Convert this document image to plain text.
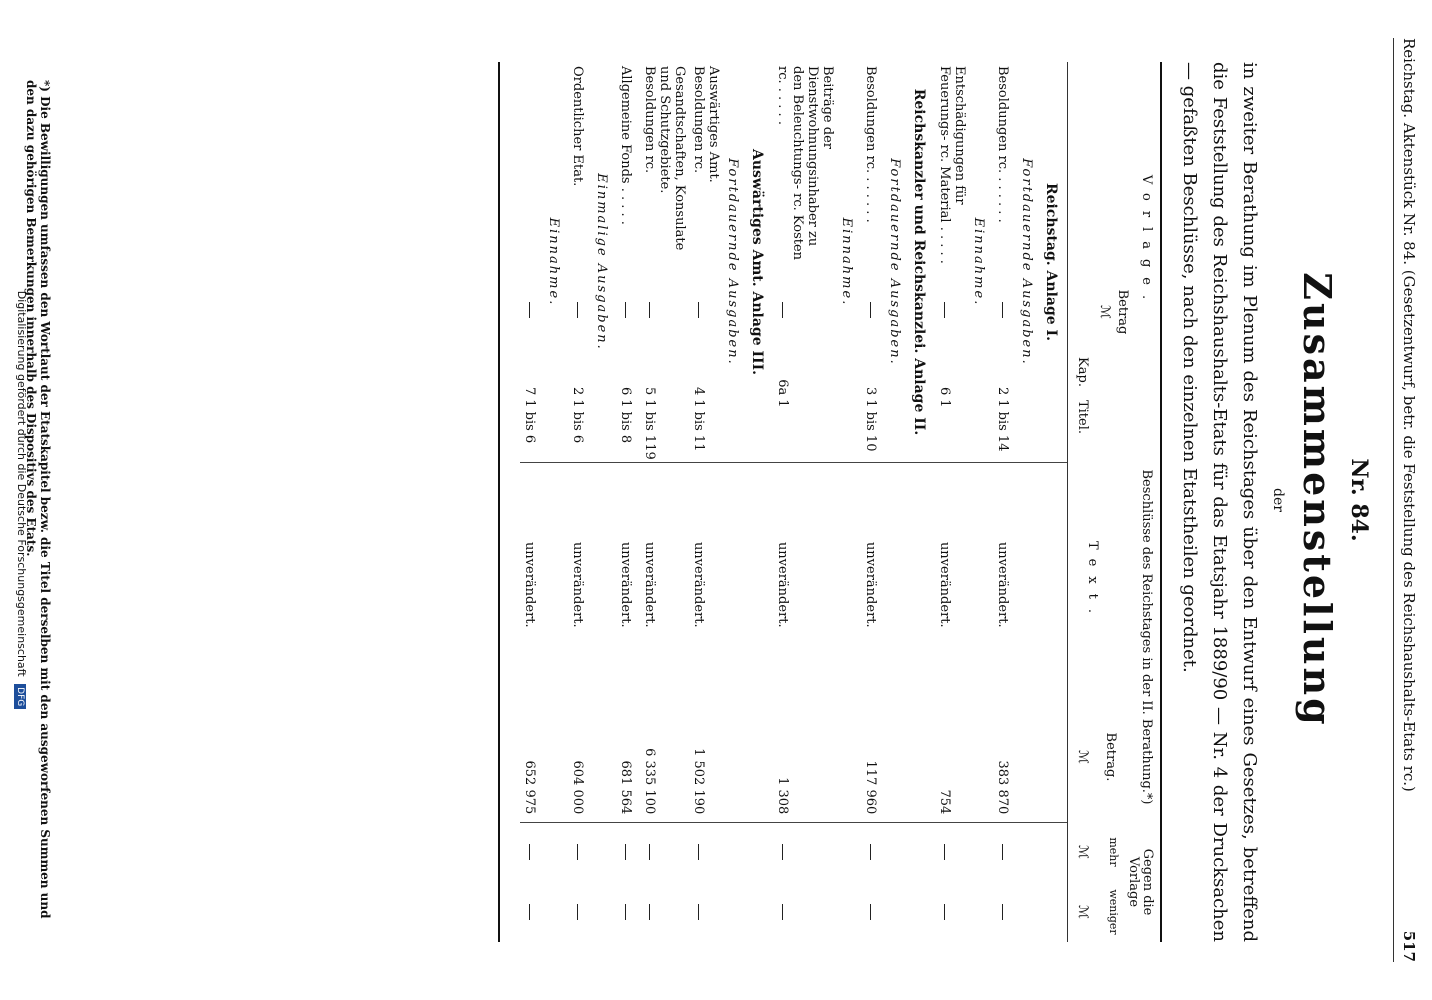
Reichstag. Aktenstück Nr. 84. (Gesetzentwurf, betr. die Feststellung des Reichshaushalts-Etats rc.)
517
Nr. 84.
Zusammenstellung
der
in zweiter Berathung im Plenum des Reichstages über den Entwurf eines Gesetzes, betreffend die Feststellung des Reichshaushalts-Etats für das Etatsjahr 1889/90 — Nr. 4 der Drucksachen — gefaßten Beschlüsse, nach den einzelnen Etatstheilen geordnet.
Vorlage.
Betrag
ℳ
Kap.
Titel.
Beschlüsse des Reichstages in der II. Berathung.*)
Text.
Betrag.
ℳ
Gegen die Vorlage
mehr
weniger
ℳ
ℳ
Reichstag. Anlage I.
Fortdauernde Ausgaben.
Besoldungen rc. . . . . . .
2
1 bis 14
unverändert.
383 870
Einnahme.
Entschädigungen für Feuerungs- rc. Material . . . . .
6
1
unverändert.
754
Reichskanzler und Reichskanzlei. Anlage II.
Fortdauernde Ausgaben.
Besoldungen rc. . . . . . .
3
1 bis 10
unverändert.
117 960
Einnahme.
Beiträge der Dienstwohnungsinhaber zu den Beleuchtungs- rc. Kosten rc. . . . . .
6a
1
unverändert.
1 308
Auswärtiges Amt. Anlage III.
Fortdauernde Ausgaben.
Auswärtiges Amt. Besoldungen rc.
4
1 bis 11
unverändert.
1 502 190
Gesandtschaften, Konsulate und Schutzgebiete. Besoldungen rc.
5
1 bis 119
unverändert.
6 335 100
Allgemeine Fonds . . . . .
6
1 bis 8
unverändert.
681 564
Einmalige Ausgaben.
Ordentlicher Etat.
2
1 bis 6
unverändert.
604 000
Einnahme.
7
1 bis 6
unverändert.
652 975
*) Die Bewilligungen umfassen den Wortlaut der Etatskapitel bezw. die Titel derselben mit den ausgeworfenen Summen und den dazu gehörigen Bemerkungen innerhalb des Dispositivs des Etats.
Digitalisierung gefördert durch die Deutsche Forschungsgemeinschaft DFG
